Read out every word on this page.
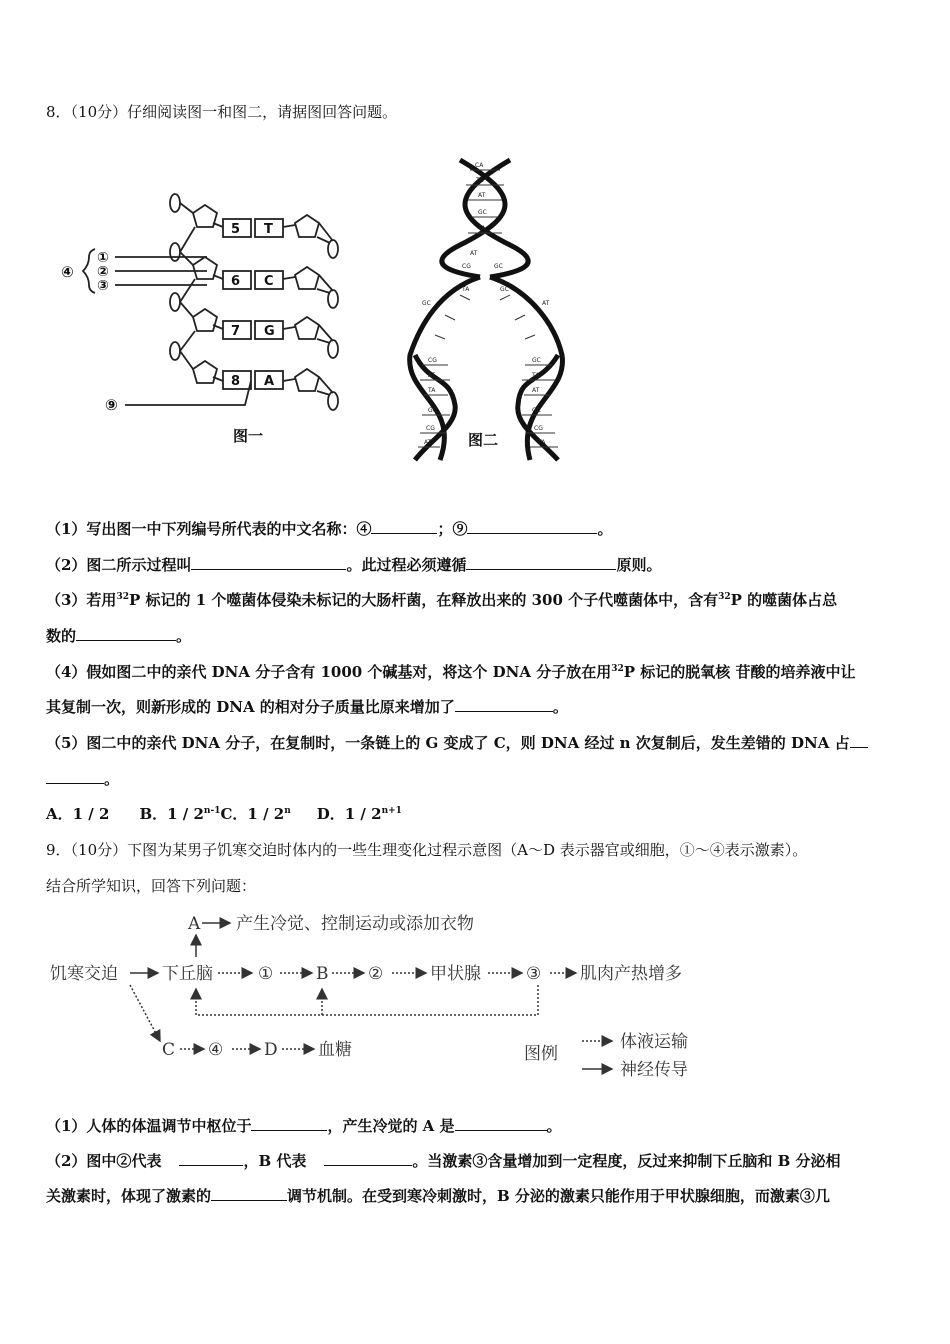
8．（10分）仔细阅读图一和图二，请据图回答问题。
5 T
6 C
7 G
8 A
④
①
②
③
⑨
图一
CA
TA
AT
GC
TA
AT
CG	GC
TA	GC
CG
AT
TA
GC
CG
AT
GC
TA
AT
GC
CG
TA
AT
GC
图二
（1）写出图一中下列编号所代表的中文名称：④	；⑨	。
（2）图二所示过程叫	。此过程必须遵循	原则。
（3）若用$^{32}$P 标记的 1 个噬菌体侵染未标记的大肠杆菌，在释放出来的 300 个子代噬菌体中，含有$^{32}$P 的噬菌体占总
数的	。
（4）假如图二中的亲代 DNA 分子含有 1000 个碱基对，将这个 DNA 分子放在用$^{32}$P 标记的脱氧核 苷酸的培养液中让
其复制一次，则新形成的 DNA 的相对分子质量比原来增加了	。
（5）图二中的亲代 DNA 分子，在复制时，一条链上的 G 变成了 C，则 DNA 经过 n 次复制后，发生差错的 DNA 占
。
A．1 / 2 B．1 / 2$^{n-1}$C．1 / 2$^n$ D．$1 / 2^{n+1}$
9．（10分）下图为某男子饥寒交迫时体内的一些生理变化过程示意图（A～D 表示器官或细胞，①～④表示激素）。
结合所学知识，回答下列问题：
饥寒交迫	下丘脑
A 产生冷觉、控制运动或添加衣物
①	B ②	甲状腺	③ 肌肉产热增多
C ④ D 血糖	图例
体液运输
神经传导
（1）人体的体温调节中枢位于	，产生冷觉的 A 是	。
（2）图中②代表	，B 代表	。当激素③含量增加到一定程度，反过来抑制下丘脑和 B 分泌相
关激素时，体现了激素的	调节机制。在受到寒冷刺激时，B 分泌的激素只能作用于甲状腺细胞，而激素③几
